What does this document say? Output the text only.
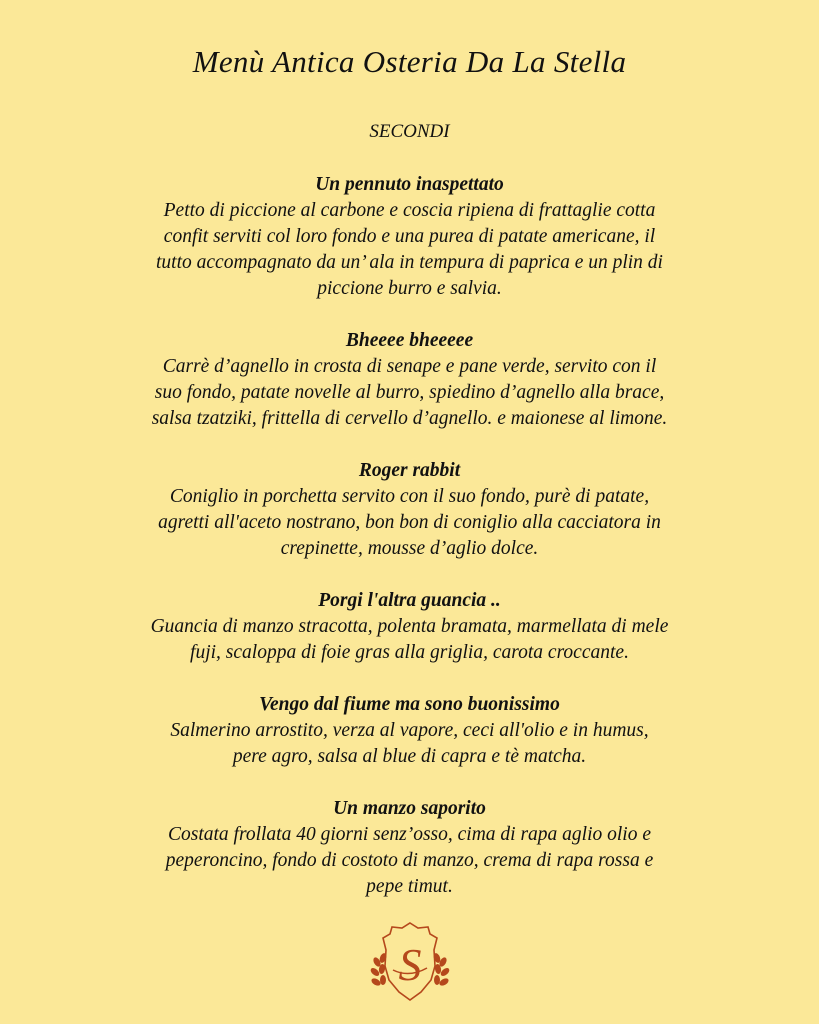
Menù Antica Osteria Da La Stella
SECONDI
Un pennuto inaspettato
Petto di piccione al carbone e coscia ripiena di frattaglie cotta
confit serviti col loro fondo e una purea di patate americane, il
tutto accompagnato da un’ ala in tempura di paprica e un plin di
piccione burro e salvia.
Bheeee bheeeee
Carrè d’agnello in crosta di senape e pane verde, servito con il
suo fondo, patate novelle al burro, spiedino d’agnello alla brace,
salsa tzatziki, frittella di cervello d’agnello. e maionese al limone.
Roger rabbit
Coniglio in porchetta servito con il suo fondo, purè di patate,
agretti all'aceto nostrano, bon bon di coniglio alla cacciatora in
crepinette, mousse d’aglio dolce.
Porgi l'altra guancia ..
Guancia di manzo stracotta, polenta bramata, marmellata di mele
fuji, scaloppa di foie gras alla griglia, carota croccante.
Vengo dal fiume ma sono buonissimo
Salmerino arrostito, verza al vapore, ceci all'olio e in humus,
pere agro, salsa al blue di capra e tè matcha.
Un manzo saporito
Costata frollata 40 giorni senz’osso, cima di rapa aglio olio e
peperoncino, fondo di costoto di manzo, crema di rapa rossa e
pepe timut.
S
